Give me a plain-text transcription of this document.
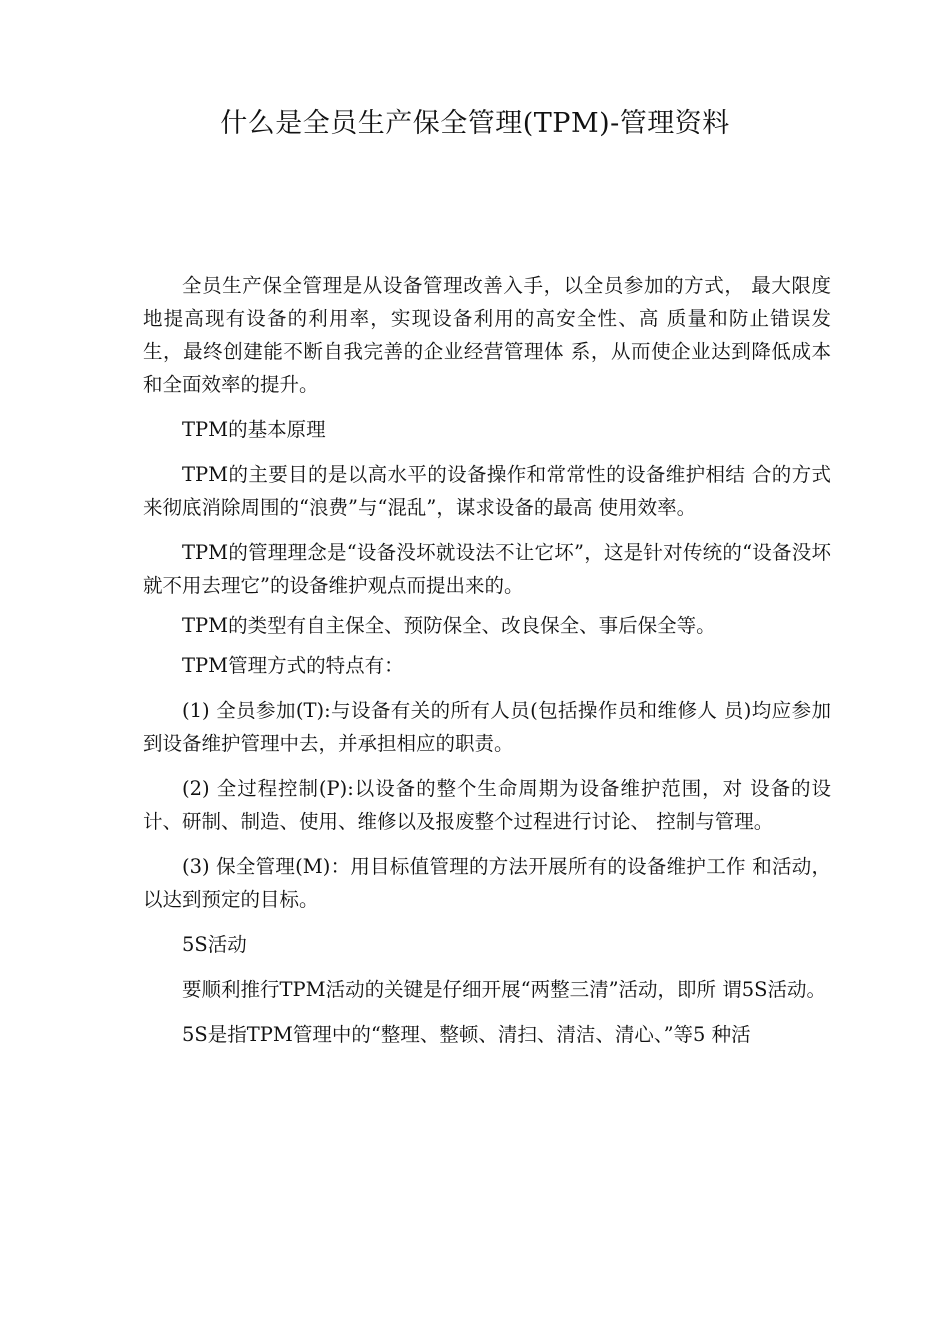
什么是全员生产保全管理(TPM)-管理资料

全员生产保全管理是从设备管理改善入手，以全员参加的方式， 最大限度地提高现有设备的利用率，实现设备利用的高安全性、高 质量和防止错误发生，最终创建能不断自我完善的企业经营管理体 系，从而使企业达到降低成本和全面效率的提升。

TPM的基本原理

TPM的主要目的是以高水平的设备操作和常常性的设备维护相结 合的方式来彻底消除周围的“浪费”与“混乱”，谋求设备的最高 使用效率。

TPM的管理理念是“设备没坏就设法不让它坏”，这是针对传统的“设备没坏就不用去理它”的设备维护观点而提出来的。

TPM的类型有自主保全、预防保全、改良保全、事后保全等。

TPM管理方式的特点有：

(1) 全员参加(T):与设备有关的所有人员(包括操作员和维修人 员)均应参加到设备维护管理中去，并承担相应的职责。

(2) 全过程控制(P):以设备的整个生命周期为设备维护范围，对 设备的设计、研制、制造、使用、维修以及报废整个过程进行讨论、 控制与管理。

(3) 保全管理(M)：用目标值管理的方法开展所有的设备维护工作 和活动，以达到预定的目标。

5S活动

要顺利推行TPM活动的关键是仔细开展“两整三清”活动，即所 谓5S活动。

5S是指TPM管理中的“整理、整顿、清扫、清洁、清心、”等5 种活
